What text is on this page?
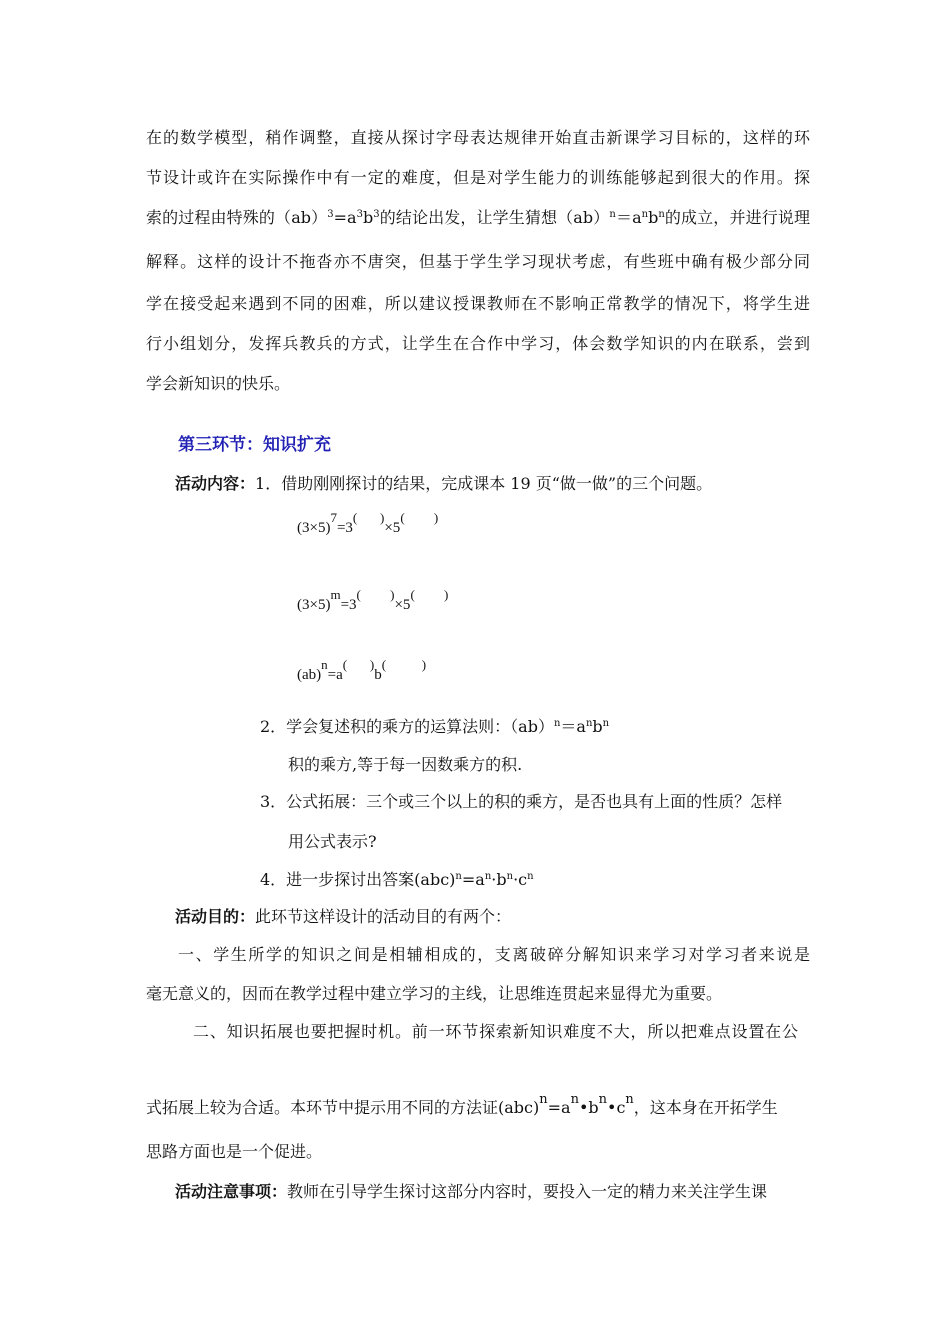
在的数学模型，稍作调整，直接从探讨字母表达规律开始直击新课学习目标的，这样的环
节设计或许在实际操作中有一定的难度，但是对学生能力的训练能够起到很大的作用。探
索的过程由特殊的$(ab)^3=a^3b^3$的结论出发，让学生猜想$(ab)^n=a^nb^n$的成立，并进行说理
解释。这样的设计不拖沓亦不唐突，但基于学生学习现状考虑，有些班中确有极少部分同
学在接受起来遇到不同的困难，所以建议授课教师在不影响正常教学的情况下，将学生进
行小组划分，发挥兵教兵的方式，让学生在合作中学习，体会数学知识的内在联系，尝到
学会新知识的快乐。
第三环节：知识扩充
活动内容：1．借助刚刚探讨的结果，完成课本 19 页“做一做”的三个问题。
(3×5)7=3(       )×5(         )
(3×5)m=3(         )×5(         )
(ab)n=a(       )b(           )
2．学会复述积的乘方的运算法则：$(ab)^n=a^nb^n$
积的乘方,等于每一因数乘方的积.
3．公式拓展：三个或三个以上的积的乘方，是否也具有上面的性质？怎样
用公式表示?
4．进一步探讨出答案$(abc)^n=a^n\cdot b^n\cdot c^n$
活动目的：此环节这样设计的活动目的有两个：
一、学生所学的知识之间是相辅相成的，支离破碎分解知识来学习对学习者来说是
毫无意义的，因而在教学过程中建立学习的主线，让思维连贯起来显得尤为重要。
二、知识拓展也要把握时机。前一环节探索新知识难度不大，所以把难点设置在公
式拓展上较为合适。本环节中提示用不同的方法证$(abc)^n=a^n•b^n•c^n$，这本身在开拓学生
思路方面也是一个促进。
活动注意事项：教师在引导学生探讨这部分内容时，要投入一定的精力来关注学生课
